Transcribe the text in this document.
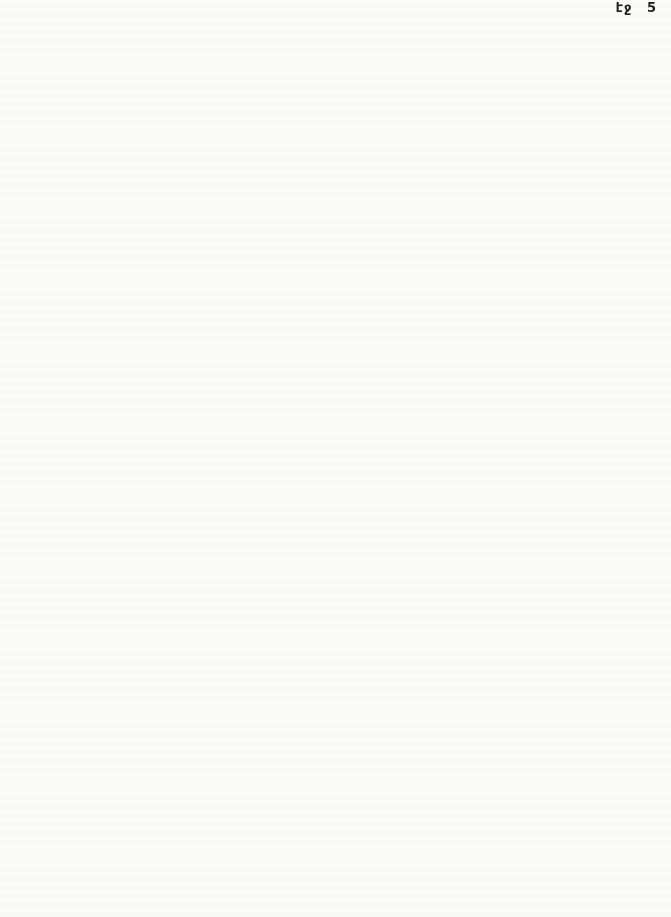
էջ 5
